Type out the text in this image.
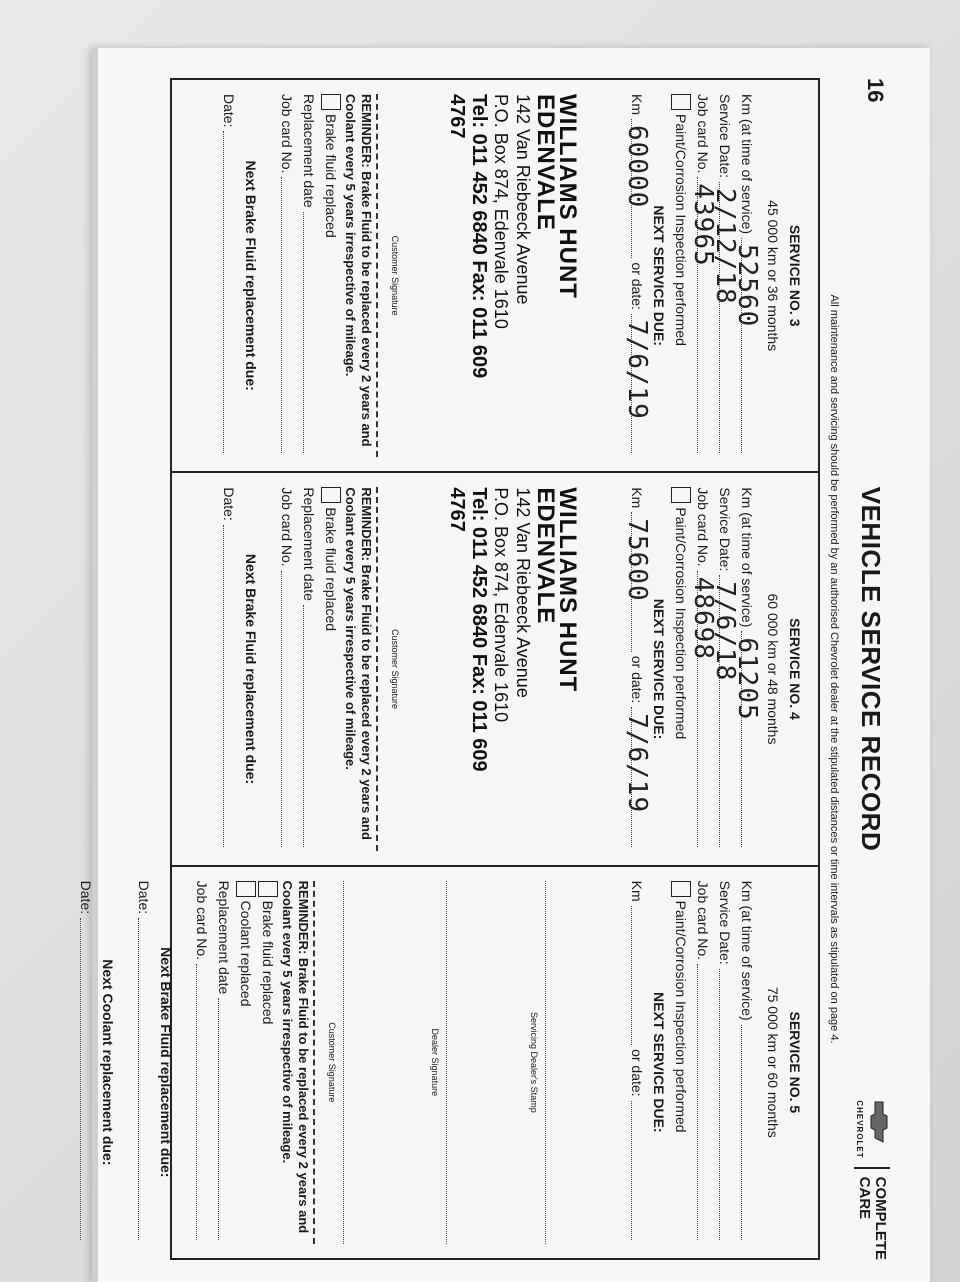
16
VEHICLE SERVICE RECORD
CHEVROLET
COMPLETE
CARE
All maintenance and servicing should be performed by an authorised Chevrolet dealer at the stipulated distances or time intervals as stipulated on page 4.
SERVICE NO. 3
45 000 km or 36 months
Km (at time of service)
52560
Service Date:
2/12/18
Job card No.
43965
Paint/Corrosion Inspection performed
NEXT SERVICE DUE:
Km
60000
or date:
7/6/19
WILLIAMS HUNT EDENVALE
142 Van Riebeeck Avenue
P.O. Box 874, Edenvale 1610
Tel: 011 452 6840 Fax: 011 609 4767
Customer Signature
REMINDER: Brake Fluid to be replaced every 2 years and Coolant every 5 years irrespective of mileage.
Brake fluid replaced
Replacement date
Job card No.
Next Brake Fluid replacement due:
Date:
SERVICE NO. 4
60 000 km or 48 months
Km (at time of service)
61205
Service Date:
7/6/18
Job card No.
48698
Paint/Corrosion Inspection performed
NEXT SERVICE DUE:
Km
75600
or date:
7/6/19
WILLIAMS HUNT EDENVALE
142 Van Riebeeck Avenue
P.O. Box 874, Edenvale 1610
Tel: 011 452 6840 Fax: 011 609 4767
Customer Signature
REMINDER: Brake Fluid to be replaced every 2 years and Coolant every 5 years irrespective of mileage.
Brake fluid replaced
Replacement date
Job card No.
Next Brake Fluid replacement due:
Date:
SERVICE NO. 5
75 000 km or 60 months
Km (at time of service)
Service Date:
Job card No.
Paint/Corrosion Inspection performed
NEXT SERVICE DUE:
Km
or date:
Servicing Dealer's Stamp
Dealer Signature
Customer Signature
REMINDER: Brake Fluid to be replaced every 2 years and Coolant every 5 years irrespective of mileage.
Brake fluid replaced
Coolant replaced
Replacement date
Job card No.
Next Brake Fluid replacement due:
Date:
Next Coolant replacement due:
Date:
